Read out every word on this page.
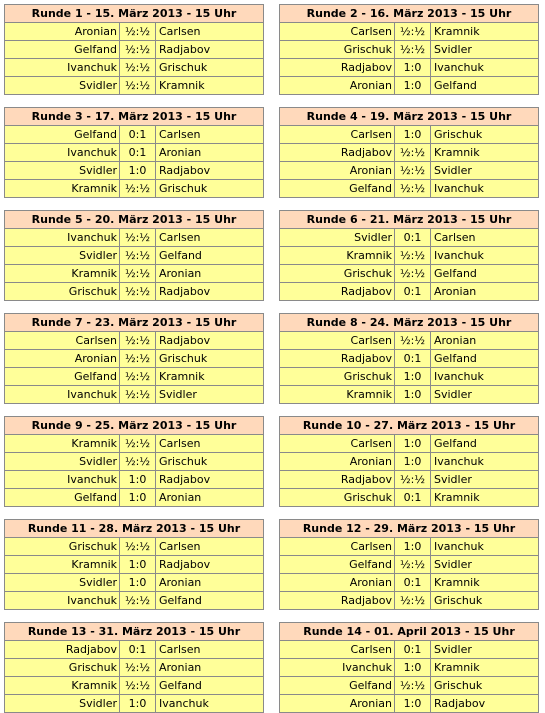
Runde 1 - 15. März 2013 - 15 Uhr
Aronian ½:½ Carlsen
Gelfand ½:½ Radjabov
Ivanchuk ½:½ Grischuk
Svidler ½:½ Kramnik
Runde 2 - 16. März 2013 - 15 Uhr
Carlsen ½:½ Kramnik
Grischuk ½:½ Svidler
Radjabov	1:0	Ivanchuk
Aronian	1:0	Gelfand
Runde 3 - 17. März 2013 - 15 Uhr
Gelfand	0:1	Carlsen
Ivanchuk	0:1	Aronian
Svidler	1:0	Radjabov
Kramnik ½:½ Grischuk
Runde 4 - 19. März 2013 - 15 Uhr
Carlsen	1:0	Grischuk
Radjabov ½:½ Kramnik
Aronian ½:½ Svidler
Gelfand ½:½ Ivanchuk
Runde 5 - 20. März 2013 - 15 Uhr
Ivanchuk ½:½ Carlsen
Svidler ½:½ Gelfand
Kramnik ½:½ Aronian
Grischuk ½:½ Radjabov
Runde 6 - 21. März 2013 - 15 Uhr
Svidler	0:1	Carlsen
Kramnik ½:½ Ivanchuk
Grischuk ½:½ Gelfand
Radjabov	0:1	Aronian
Runde 7 - 23. März 2013 - 15 Uhr
Carlsen ½:½ Radjabov
Aronian ½:½ Grischuk
Gelfand ½:½ Kramnik
Ivanchuk ½:½ Svidler
Runde 8 - 24. März 2013 - 15 Uhr
Carlsen ½:½ Aronian
Radjabov	0:1	Gelfand
Grischuk	1:0	Ivanchuk
Kramnik	1:0	Svidler
Runde 9 - 25. März 2013 - 15 Uhr
Kramnik ½:½ Carlsen
Svidler ½:½ Grischuk
Ivanchuk	1:0	Radjabov
Gelfand	1:0	Aronian
Runde 10 - 27. März 2013 - 15 Uhr
Carlsen	1:0	Gelfand
Aronian	1:0	Ivanchuk
Radjabov ½:½ Svidler
Grischuk	0:1	Kramnik
Runde 11 - 28. März 2013 - 15 Uhr
Grischuk ½:½ Carlsen
Kramnik	1:0	Radjabov
Svidler	1:0	Aronian
Ivanchuk ½:½ Gelfand
Runde 12 - 29. März 2013 - 15 Uhr
Carlsen	1:0	Ivanchuk
Gelfand ½:½ Svidler
Aronian	0:1	Kramnik
Radjabov ½:½ Grischuk
Runde 13 - 31. März 2013 - 15 Uhr
Radjabov	0:1	Carlsen
Grischuk ½:½ Aronian
Kramnik ½:½ Gelfand
Svidler	1:0	Ivanchuk
Runde 14 - 01. April 2013 - 15 Uhr
Carlsen	0:1	Svidler
Ivanchuk	1:0	Kramnik
Gelfand ½:½ Grischuk
Aronian	1:0	Radjabov
